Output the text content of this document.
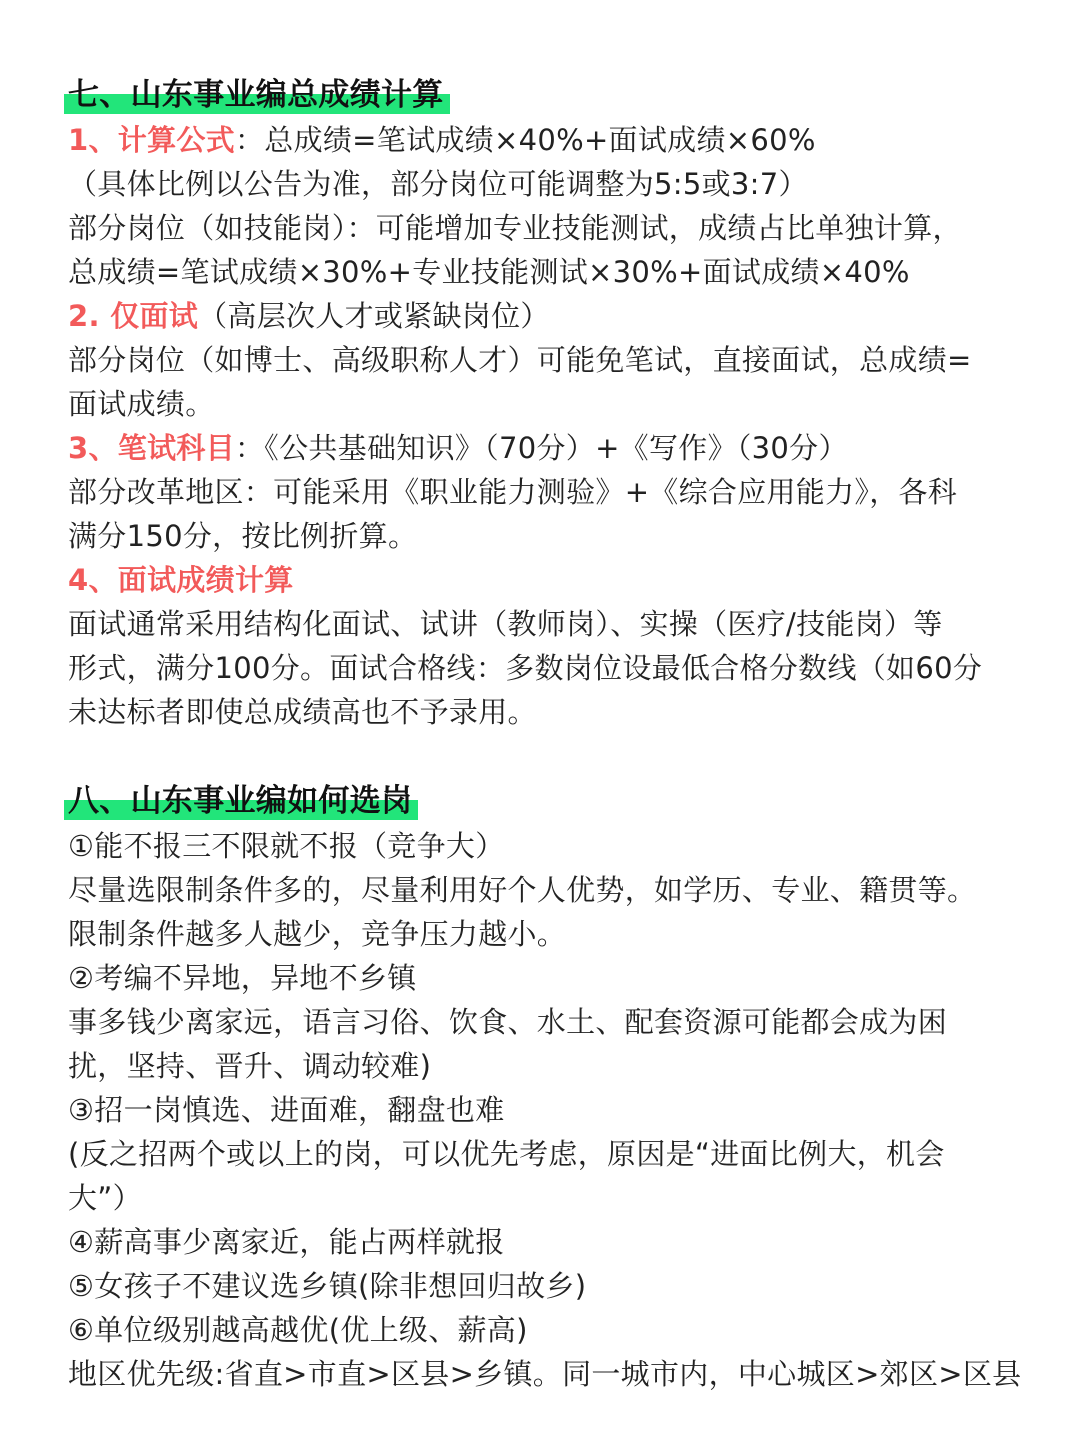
七、山东事业编总成绩计算
1、计算公式：总成绩=笔试成绩×40%+面试成绩×60%
（具体比例以公告为准，部分岗位可能调整为5:5或3:7）
部分岗位（如技能岗）：可能增加专业技能测试，成绩占比单独计算，
总成绩=笔试成绩×30%+专业技能测试×30%+面试成绩×40%
2. 仅面试（高层次人才或紧缺岗位）
部分岗位（如博士、高级职称人才）可能免笔试，直接面试，总成绩=
面试成绩。
3、笔试科目：《公共基础知识》（70分）+《写作》（30分）
部分改革地区：可能采用《职业能力测验》+《综合应用能力》，各科
满分150分，按比例折算。
4、面试成绩计算
面试通常采用结构化面试、试讲（教师岗）、实操（医疗/技能岗）等
形式，满分100分。面试合格线：多数岗位设最低合格分数线（如60分
未达标者即使总成绩高也不予录用。
八、山东事业编如何选岗
①能不报三不限就不报（竞争大）
尽量选限制条件多的，尽量利用好个人优势，如学历、专业、籍贯等。
限制条件越多人越少，竞争压力越小。
②考编不异地，异地不乡镇
事多钱少离家远，语言习俗、饮食、水土、配套资源可能都会成为困
扰，坚持、晋升、调动较难)
③招一岗慎选、进面难，翻盘也难
(反之招两个或以上的岗，可以优先考虑，原因是“进面比例大，机会
大”）
④薪高事少离家近，能占两样就报
⑤女孩子不建议选乡镇(除非想回归故乡)
⑥单位级别越高越优(优上级、薪高)
地区优先级:省直>市直>区县>乡镇。同一城市内，中心城区>郊区>区县
